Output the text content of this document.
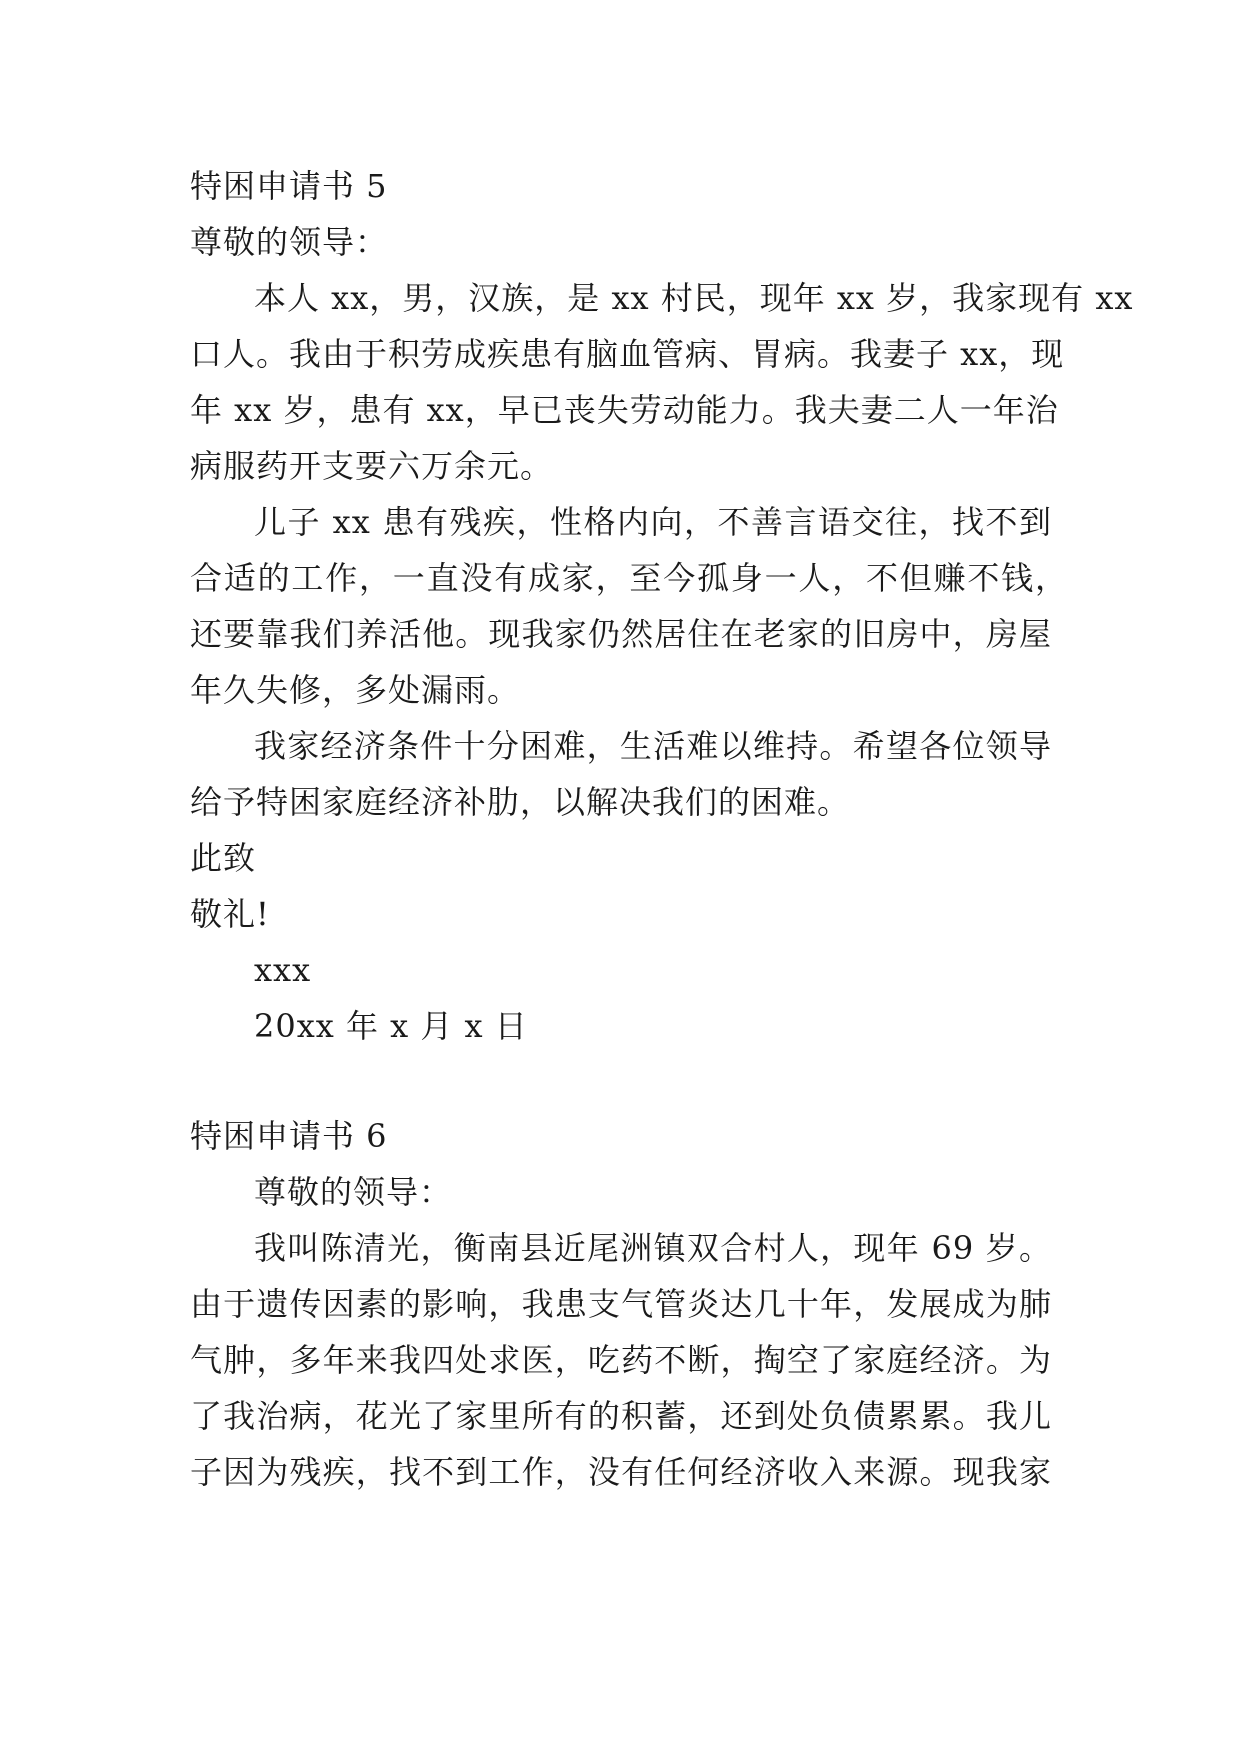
特困申请书 5
尊敬的领导：
本人 xx，男，汉族，是 xx 村民，现年 xx 岁，我家现有 xx
口人。我由于积劳成疾患有脑血管病、胃病。我妻子 xx，现
年 xx 岁，患有 xx，早已丧失劳动能力。我夫妻二人一年治
病服药开支要六万余元。
儿子 xx 患有残疾，性格内向，不善言语交往，找不到
合适的工作，一直没有成家，至今孤身一人，不但赚不钱，
还要靠我们养活他。现我家仍然居住在老家的旧房中，房屋
年久失修，多处漏雨。
我家经济条件十分困难，生活难以维持。希望各位领导
给予特困家庭经济补肋，以解决我们的困难。
此致
敬礼!
xxx
20xx 年 x 月 x 日
特困申请书 6
尊敬的领导：
我叫陈清光，衡南县近尾洲镇双合村人，现年 69 岁。
由于遗传因素的影响，我患支气管炎达几十年，发展成为肺
气肿，多年来我四处求医，吃药不断，掏空了家庭经济。为
了我治病，花光了家里所有的积蓄，还到处负债累累。我儿
子因为残疾，找不到工作，没有任何经济收入来源。现我家
